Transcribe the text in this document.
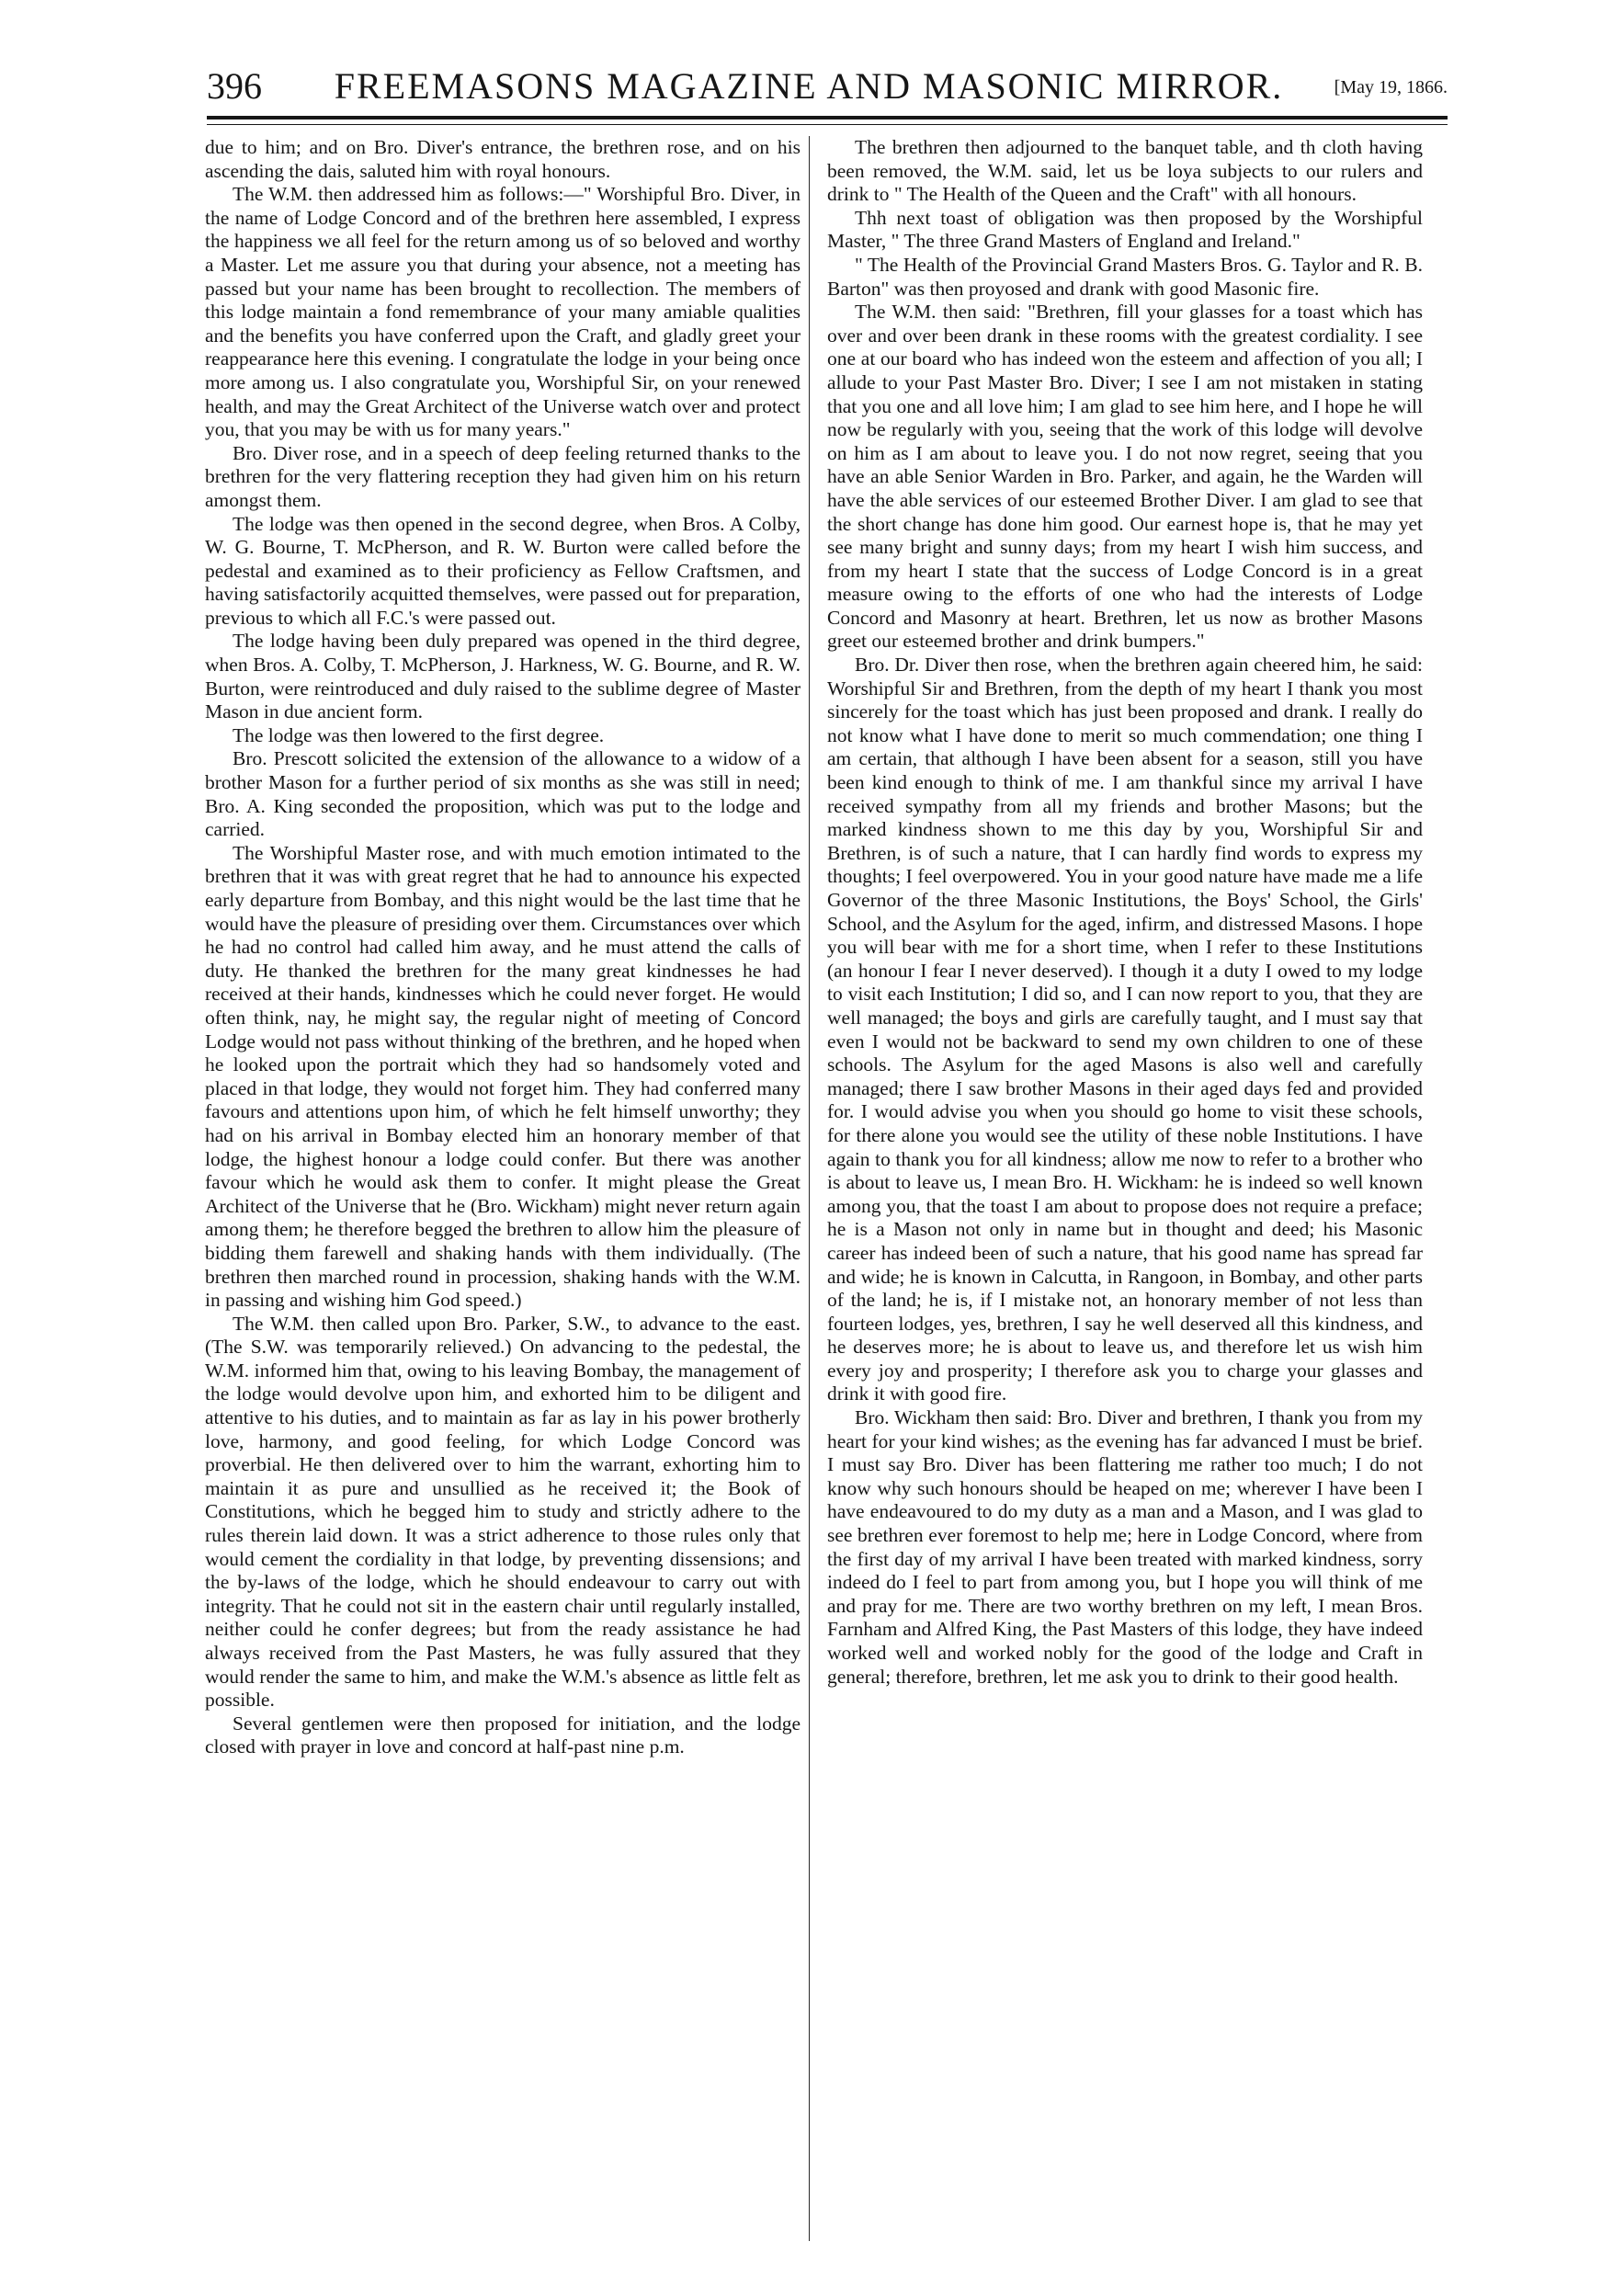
396	FREEMASONS MAGAZINE AND MASONIC MIRROR.	[May 19, 1866.

due to him; and on Bro. Diver's entrance, the brethren rose, and on his ascending the dais, saluted him with royal honours.

The W.M. then addressed him as follows:—" Worshipful Bro. Diver, in the name of Lodge Concord and of the brethren here assembled, I express the happiness we all feel for the return among us of so beloved and worthy a Master. Let me assure you that during your absence, not a meeting has passed but your name has been brought to recollection. The members of this lodge maintain a fond remembrance of your many amiable qualities and the benefits you have conferred upon the Craft, and gladly greet your reappearance here this evening. I congratulate the lodge in your being once more among us. I also congratulate you, Worshipful Sir, on your renewed health, and may the Great Architect of the Universe watch over and protect you, that you may be with us for many years."

Bro. Diver rose, and in a speech of deep feeling returned thanks to the brethren for the very flattering reception they had given him on his return amongst them.

The lodge was then opened in the second degree, when Bros. A Colby, W. G. Bourne, T. McPherson, and R. W. Burton were called before the pedestal and examined as to their proficiency as Fellow Craftsmen, and having satisfactorily acquitted themselves, were passed out for preparation, previous to which all F.C.'s were passed out.

The lodge having been duly prepared was opened in the third degree, when Bros. A. Colby, T. McPherson, J. Harkness, W. G. Bourne, and R. W. Burton, were reintroduced and duly raised to the sublime degree of Master Mason in due ancient form.

The lodge was then lowered to the first degree.

Bro. Prescott solicited the extension of the allowance to a widow of a brother Mason for a further period of six months as she was still in need; Bro. A. King seconded the proposition, which was put to the lodge and carried.

The Worshipful Master rose, and with much emotion intimated to the brethren that it was with great regret that he had to announce his expected early departure from Bombay, and this night would be the last time that he would have the pleasure of presiding over them. Circumstances over which he had no control had called him away, and he must attend the calls of duty. He thanked the brethren for the many great kindnesses he had received at their hands, kindnesses which he could never forget. He would often think, nay, he might say, the regular night of meeting of Concord Lodge would not pass without thinking of the brethren, and he hoped when he looked upon the portrait which they had so handsomely voted and placed in that lodge, they would not forget him. They had conferred many favours and attentions upon him, of which he felt himself unworthy; they had on his arrival in Bombay elected him an honorary member of that lodge, the highest honour a lodge could confer. But there was another favour which he would ask them to confer. It might please the Great Architect of the Universe that he (Bro. Wickham) might never return again among them; he therefore begged the brethren to allow him the pleasure of bidding them farewell and shaking hands with them individually. (The brethren then marched round in procession, shaking hands with the W.M. in passing and wishing him God speed.)

The W.M. then called upon Bro. Parker, S.W., to advance to the east. (The S.W. was temporarily relieved.) On advancing to the pedestal, the W.M. informed him that, owing to his leaving Bombay, the management of the lodge would devolve upon him, and exhorted him to be diligent and attentive to his duties, and to maintain as far as lay in his power brotherly love, harmony, and good feeling, for which Lodge Concord was proverbial. He then delivered over to him the warrant, exhorting him to maintain it as pure and unsullied as he received it; the Book of Constitutions, which he begged him to study and strictly adhere to the rules therein laid down. It was a strict adherence to those rules only that would cement the cordiality in that lodge, by preventing dissensions; and the by-laws of the lodge, which he should endeavour to carry out with integrity. That he could not sit in the eastern chair until regularly installed, neither could he confer degrees; but from the ready assistance he had always received from the Past Masters, he was fully assured that they would render the same to him, and make the W.M.'s absence as little felt as possible.

Several gentlemen were then proposed for initiation, and the lodge closed with prayer in love and concord at half-past nine p.m.

The brethren then adjourned to the banquet table, and th cloth having been removed, the W.M. said, let us be loya subjects to our rulers and drink to " The Health of the Queen and the Craft" with all honours.

Thh next toast of obligation was then proposed by the Worshipful Master, " The three Grand Masters of England and Ireland."

" The Health of the Provincial Grand Masters Bros. G. Taylor and R. B. Barton" was then proyosed and drank with good Masonic fire.

The W.M. then said: "Brethren, fill your glasses for a toast which has over and over been drank in these rooms with the greatest cordiality. I see one at our board who has indeed won the esteem and affection of you all; I allude to your Past Master Bro. Diver; I see I am not mistaken in stating that you one and all love him; I am glad to see him here, and I hope he will now be regularly with you, seeing that the work of this lodge will devolve on him as I am about to leave you. I do not now regret, seeing that you have an able Senior Warden in Bro. Parker, and again, he the Warden will have the able services of our esteemed Brother Diver. I am glad to see that the short change has done him good. Our earnest hope is, that he may yet see many bright and sunny days; from my heart I wish him success, and from my heart I state that the success of Lodge Concord is in a great measure owing to the efforts of one who had the interests of Lodge Concord and Masonry at heart. Brethren, let us now as brother Masons greet our esteemed brother and drink bumpers."

Bro. Dr. Diver then rose, when the brethren again cheered him, he said: Worshipful Sir and Brethren, from the depth of my heart I thank you most sincerely for the toast which has just been proposed and drank. I really do not know what I have done to merit so much commendation; one thing I am certain, that although I have been absent for a season, still you have been kind enough to think of me. I am thankful since my arrival I have received sympathy from all my friends and brother Masons; but the marked kindness shown to me this day by you, Worshipful Sir and Brethren, is of such a nature, that I can hardly find words to express my thoughts; I feel overpowered. You in your good nature have made me a life Governor of the three Masonic Institutions, the Boys' School, the Girls' School, and the Asylum for the aged, infirm, and distressed Masons. I hope you will bear with me for a short time, when I refer to these Institutions (an honour I fear I never deserved). I though it a duty I owed to my lodge to visit each Institution; I did so, and I can now report to you, that they are well managed; the boys and girls are carefully taught, and I must say that even I would not be backward to send my own children to one of these schools. The Asylum for the aged Masons is also well and carefully managed; there I saw brother Masons in their aged days fed and provided for. I would advise you when you should go home to visit these schools, for there alone you would see the utility of these noble Institutions. I have again to thank you for all kindness; allow me now to refer to a brother who is about to leave us, I mean Bro. H. Wickham: he is indeed so well known among you, that the toast I am about to propose does not require a preface; he is a Mason not only in name but in thought and deed; his Masonic career has indeed been of such a nature, that his good name has spread far and wide; he is known in Calcutta, in Rangoon, in Bombay, and other parts of the land; he is, if I mistake not, an honorary member of not less than fourteen lodges, yes, brethren, I say he well deserved all this kindness, and he deserves more; he is about to leave us, and therefore let us wish him every joy and prosperity; I therefore ask you to charge your glasses and drink it with good fire.

Bro. Wickham then said: Bro. Diver and brethren, I thank you from my heart for your kind wishes; as the evening has far advanced I must be brief. I must say Bro. Diver has been flattering me rather too much; I do not know why such honours should be heaped on me; wherever I have been I have endeavoured to do my duty as a man and a Mason, and I was glad to see brethren ever foremost to help me; here in Lodge Concord, where from the first day of my arrival I have been treated with marked kindness, sorry indeed do I feel to part from among you, but I hope you will think of me and pray for me. There are two worthy brethren on my left, I mean Bros. Farnham and Alfred King, the Past Masters of this lodge, they have indeed worked well and worked nobly for the good of the lodge and Craft in general; therefore, brethren, let me ask you to drink to their good health.
